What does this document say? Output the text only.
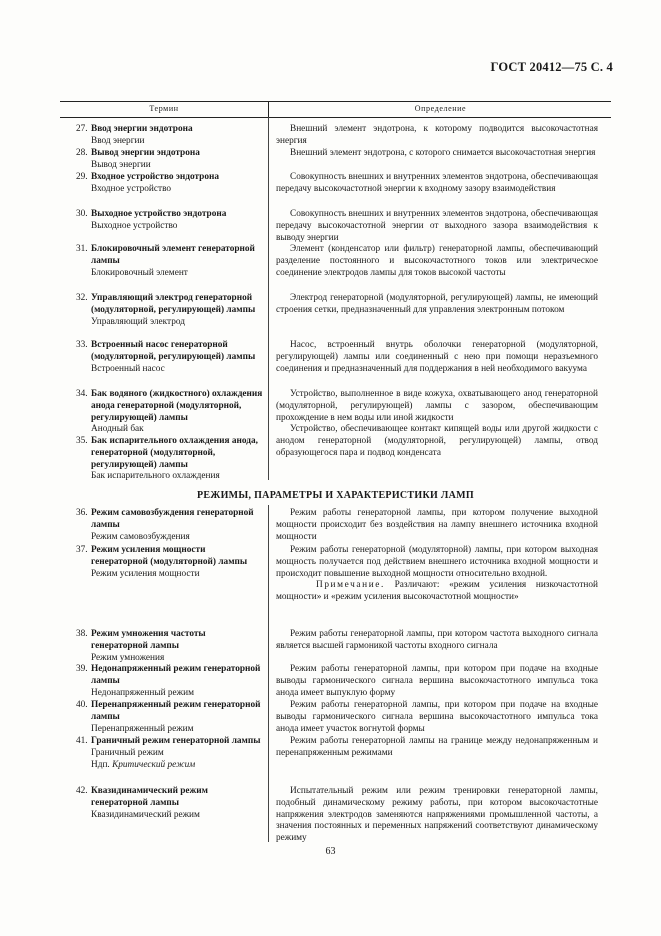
ГОСТ 20412—75 С. 4
Термин	Определение
27. Ввод энергии эндотрона
Ввод энергии

Внешний элемент эндотрона, к которому подводится высокочастотная энергия

28. Вывод энергии эндотрона
Вывод энергии

Внешний элемент эндотрона, с которого снимается высокочастотная энергия

29. Входное устройство эндотрона
Входное устройство

Совокупность внешних и внутренних элементов эндотрона, обеспечивающая передачу высокочастотной энергии к входному зазору взаимодействия

30. Выходное устройство эндотрона
Выходное устройство

Совокупность внешних и внутренних элементов эндотрона, обеспечивающая передачу высокочастотной энергии от выходного зазора взаимодействия к выводу энергии

31. Блокировочный элемент генераторной лампы
Блокировочный элемент

Элемент (конденсатор или фильтр) генераторной лампы, обеспечивающий разделение постоянного и высокочастотного токов или электрическое соединение электродов лампы для токов высокой частоты

32. Управляющий электрод генераторной (модуляторной, регулирующей) лампы
Управляющий электрод

Электрод генераторной (модуляторной, регулирующей) лампы, не имеющий строения сетки, предназначенный для управления электронным потоком

33. Встроенный насос генераторной (модуляторной, регулирующей) лампы
Встроенный насос

Насос, встроенный внутрь оболочки генераторной (модуляторной, регулирующей) лампы или соединенный с нею при помощи неразъемного соединения и предназначенный для поддержания в ней необходимого вакуума

34. Бак водяного (жидкостного) охлаждения анода генераторной (модуляторной, регулирующей) лампы
Анодный бак

Устройство, выполненное в виде кожуха, охватывающего анод генераторной (модуляторной, регулирующей) лампы с зазором, обеспечивающим прохождение в нем воды или иной жидкости

35. Бак испарительного охлаждения анода, генераторной (модуляторной, регулирующей) лампы
Бак испарительного охлаждения

Устройство, обеспечивающее контакт кипящей воды или другой жидкости с анодом генераторной (модуляторной, регулирующей) лампы, отвод образующегося пара и подвод конденсата

РЕЖИМЫ, ПАРАМЕТРЫ И ХАРАКТЕРИСТИКИ ЛАМП
36. Режим самовозбуждения генераторной лампы
Режим самовозбуждения

Режим работы генераторной лампы, при котором получение выходной мощности происходит без воздействия на лампу внешнего источника входной мощности

37. Режим усиления мощности генераторной (модуляторной) лампы
Режим усиления мощности

Режим работы генераторной (модуляторной) лампы, при котором выходная мощность получается под действием внешнего источника входной мощности и происходит повышение выходной мощности относительно входной.

Примечание. Различают: «режим усиления низкочастотной мощности» и «режим усиления высокочастотной мощности»

38. Режим умножения частоты генераторной лампы
Режим умножения

Режим работы генераторной лампы, при котором частота выходного сигнала является высшей гармоникой частоты входного сигнала

39. Недонапряженный режим генераторной лампы
Недонапряженный режим

Режим работы генераторной лампы, при котором при подаче на входные выводы гармонического сигнала вершина высокочастотного импульса тока анода имеет выпуклую форму

40. Перенапряженный режим генераторной лампы
Перенапряженный режим

Режим работы генераторной лампы, при котором при подаче на входные выводы гармонического сигнала вершина высокочастотного импульса тока анода имеет участок вогнутой формы

41. Граничный режим генераторной лампы
Граничный режим
Ндп. Критический режим

Режим работы генераторной лампы на границе между недонапряженным и перенапряженным режимами

42. Квазидинамический режим генераторной лампы
Квазидинамический режим

Испытательный режим или режим тренировки генераторной лампы, подобный динамическому режиму работы, при котором высокочастотные напряжения электродов заменяются напряжениями промышленной частоты, а значения постоянных и переменных напряжений соответствуют динамическому режиму

63
